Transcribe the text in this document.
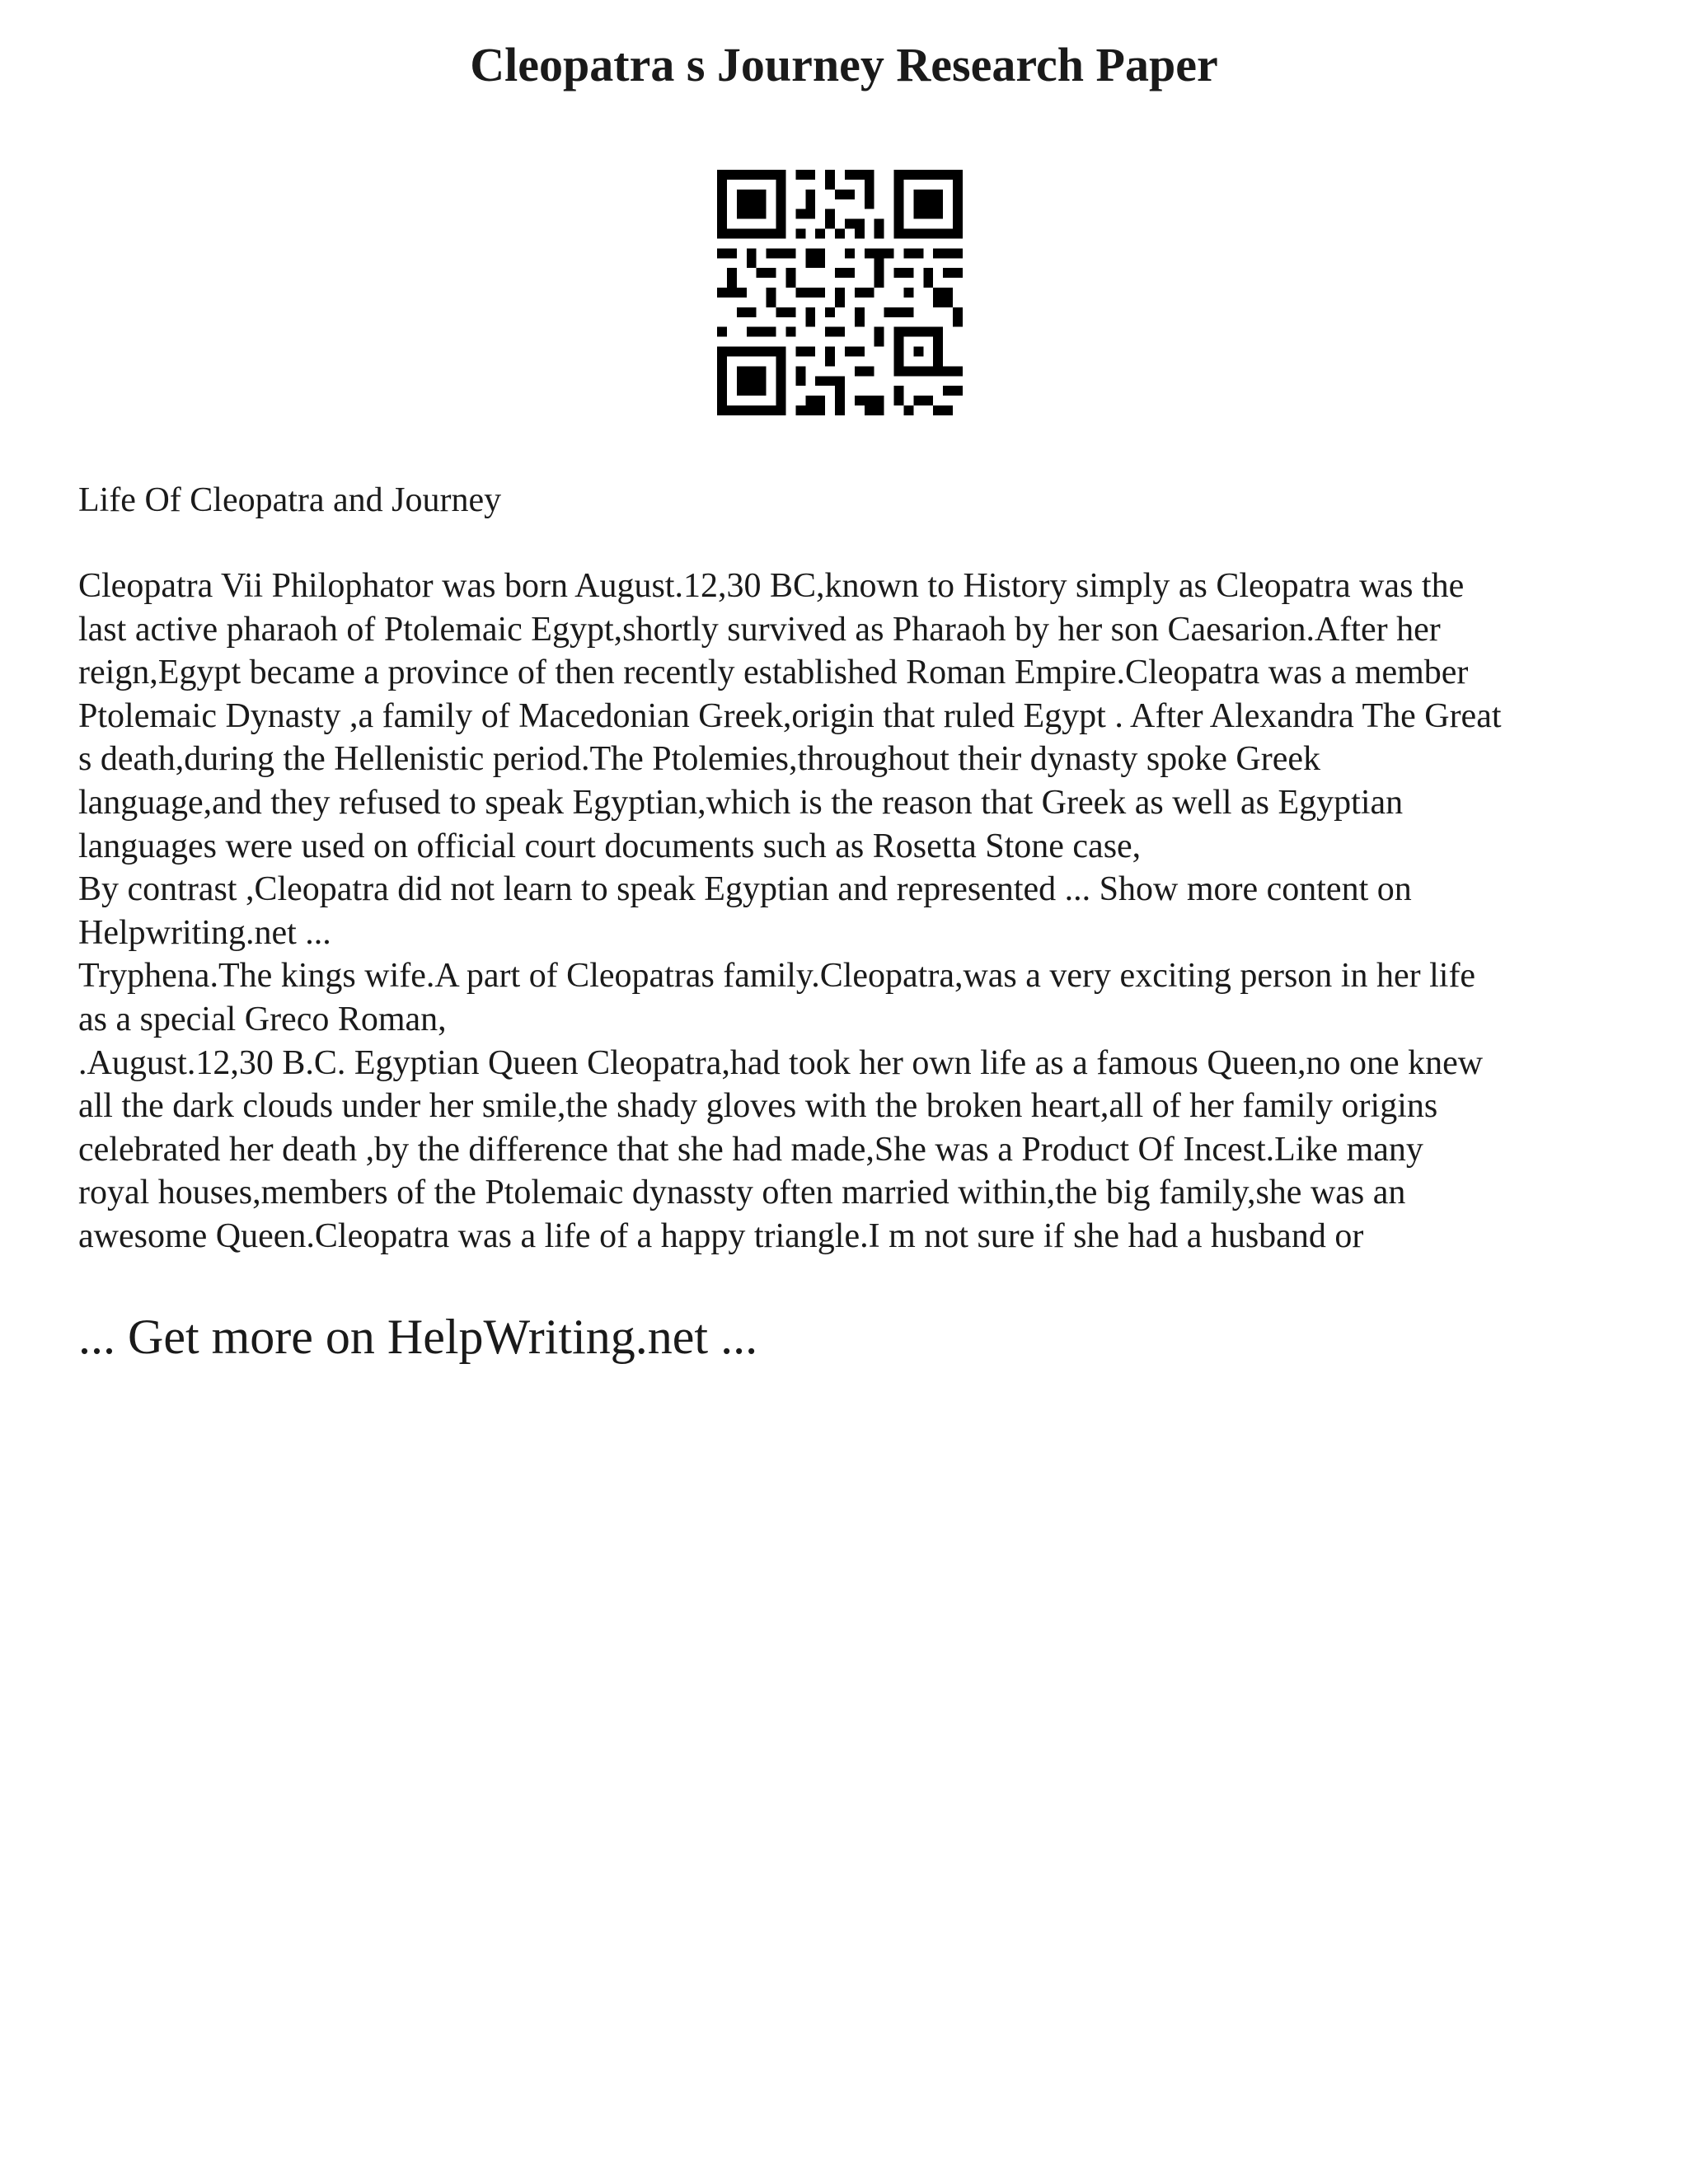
Cleopatra s Journey Research Paper
Life Of Cleopatra and Journey

Cleopatra Vii Philophator was born August.12,30 BC,known to History simply as Cleopatra was the
last active pharaoh of Ptolemaic Egypt,shortly survived as Pharaoh by her son Caesarion.After her
reign,Egypt became a province of then recently established Roman Empire.Cleopatra was a member
Ptolemaic Dynasty ,a family of Macedonian Greek,origin that ruled Egypt . After Alexandra The Great
s death,during the Hellenistic period.The Ptolemies,throughout their dynasty spoke Greek
language,and they refused to speak Egyptian,which is the reason that Greek as well as Egyptian
languages were used on official court documents such as Rosetta Stone case,

By contrast ,Cleopatra did not learn to speak Egyptian and represented ... Show more content on
Helpwriting.net ...

Tryphena.The kings wife.A part of Cleopatras family.Cleopatra,was a very exciting person in her life
as a special Greco Roman,

.August.12,30 B.C. Egyptian Queen Cleopatra,had took her own life as a famous Queen,no one knew
all the dark clouds under her smile,the shady gloves with the broken heart,all of her family origins
celebrated her death ,by the difference that she had made,She was a Product Of Incest.Like many
royal houses,members of the Ptolemaic dynassty often married within,the big family,she was an
awesome Queen.Cleopatra was a life of a happy triangle.I m not sure if she had a husband or

... Get more on HelpWriting.net ...
